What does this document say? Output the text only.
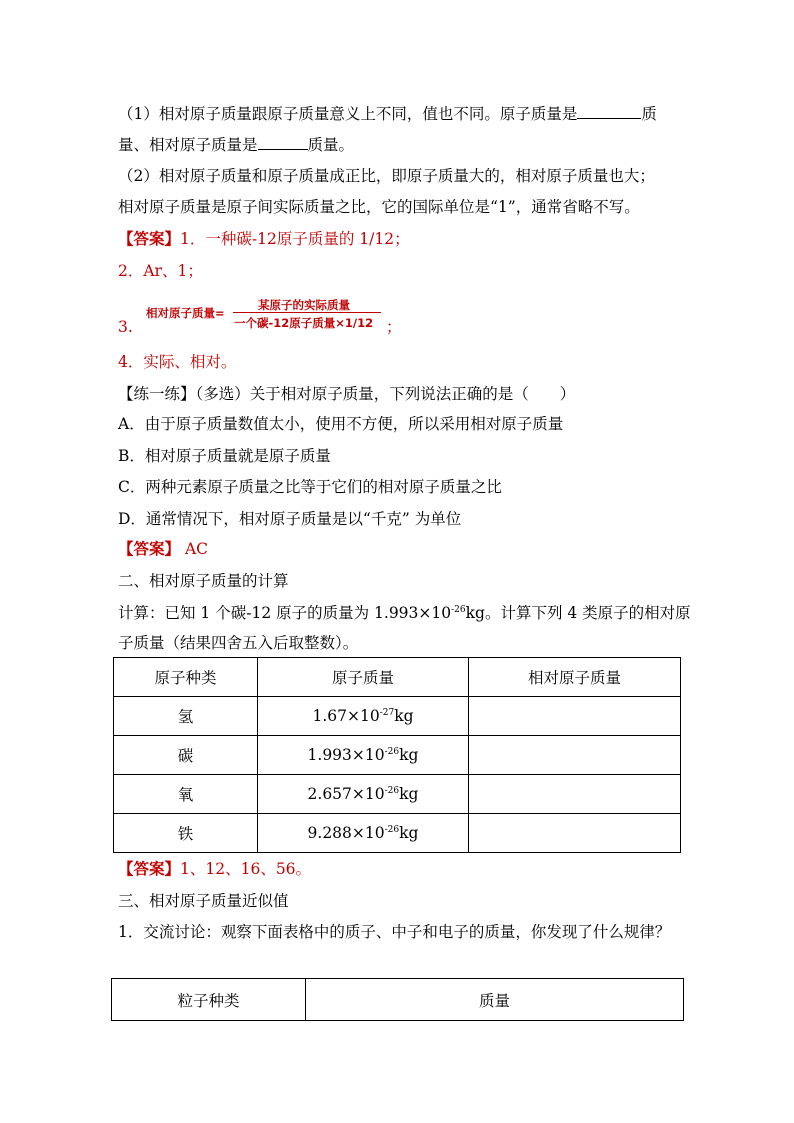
（1）相对原子质量跟原子质量意义上不同，值也不同。原子质量是	质
量、相对原子质量是	质量。
（2）相对原子质量和原子质量成正比，即原子质量大的，相对原子质量也大；
相对原子质量是原子间实际质量之比，它的国际单位是“1”，通常省略不写。
【答案】1．一种碳-12原子质量的 1/12；
2．Ar、1；
3.
相对原子质量=
某原子的实际质量
一个碳-12原子质量×1/12 ；
4．实际、相对。
【练一练】（多选）关于相对原子质量，下列说法正确的是（　　）
A．由于原子质量数值太小，使用不方便，所以采用相对原子质量
B．相对原子质量就是原子质量
C．两种元素原子质量之比等于它们的相对原子质量之比
D．通常情况下，相对原子质量是以“千克” 为单位
【答案】 AC
二、相对原子质量的计算
计算：已知 1 个碳-12 原子的质量为 $1.993\times 10^{-26}kg$。计算下列 4 类原子的相对原
子质量（结果四舍五入后取整数）。
原子种类	原子质量	相对原子质量
氢	$1.67\times 10^{-27}kg$	
碳	$1.993\times 10^{-26}kg$	
氧	$2.657\times 10^{-26}kg$	
铁	$9.288\times 10^{-26}kg$	
【答案】1、12、16、56。
三、相对原子质量近似值
1．交流讨论：观察下面表格中的质子、中子和电子的质量，你发现了什么规律？
粒子种类	质量
